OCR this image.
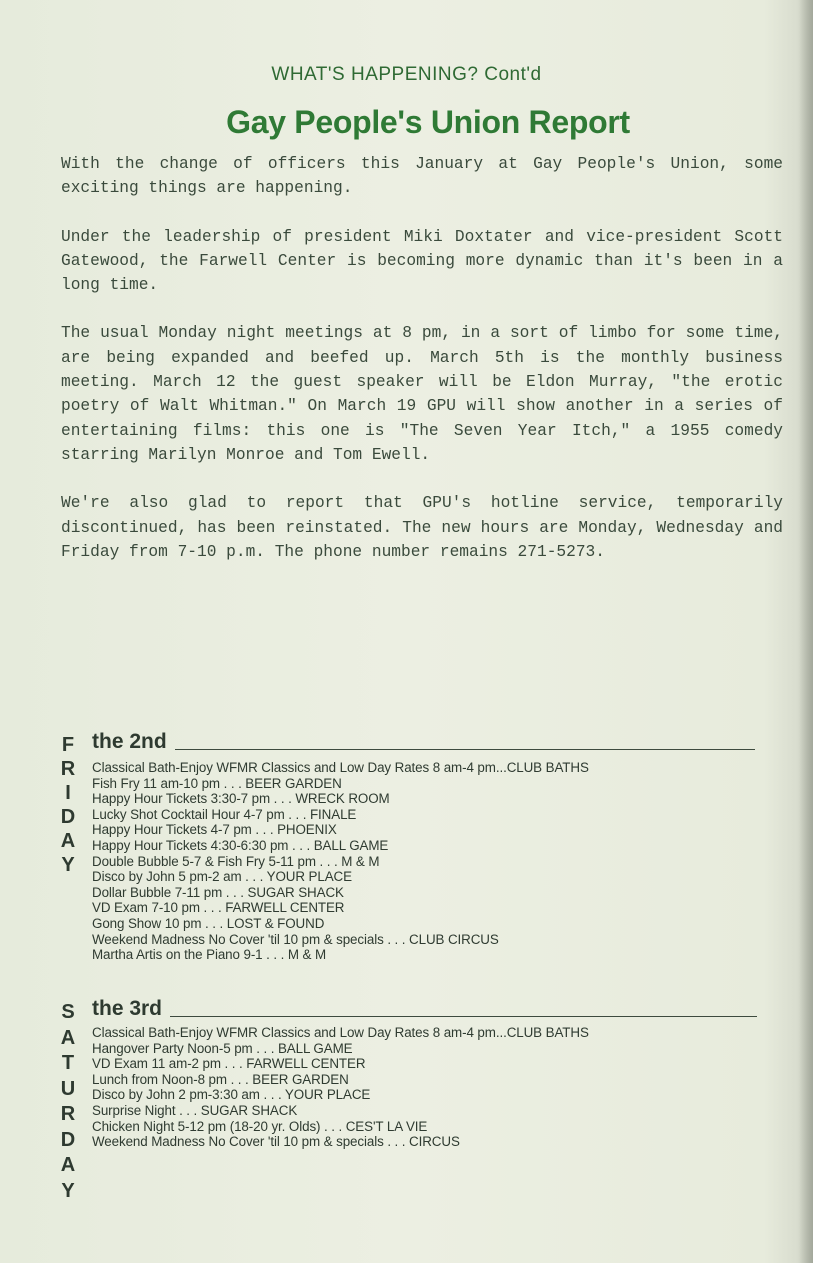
WHAT'S HAPPENING? Cont'd
Gay People's Union Report

With the change of officers this January at Gay People's Union, some exciting things are happening.

Under the leadership of president Miki Doxtater and vice-president Scott Gatewood, the Farwell Center is becoming more dynamic than it's been in a long time.

The usual Monday night meetings at 8 pm, in a sort of limbo for some time, are being expanded and beefed up. March 5th is the monthly business meeting. March 12 the guest speaker will be Eldon Murray, "the erotic poetry of Walt Whitman." On March 19 GPU will show another in a series of entertaining films: this one is "The Seven Year Itch," a 1955 comedy starring Marilyn Monroe and Tom Ewell.

We're also glad to report that GPU's hotline service, temporarily discontinued, has been reinstated. The new hours are Monday, Wednesday and Friday from 7-10 p.m. The phone number remains 271-5273.

F
R
I
D
A
Y
the 2nd
Classical Bath-Enjoy WFMR Classics and Low Day Rates 8 am-4 pm...CLUB BATHS
Fish Fry 11 am-10 pm . . . BEER GARDEN
Happy Hour Tickets 3:30-7 pm . . . WRECK ROOM
Lucky Shot Cocktail Hour 4-7 pm . . . FINALE
Happy Hour Tickets 4-7 pm . . . PHOENIX
Happy Hour Tickets 4:30-6:30 pm . . . BALL GAME
Double Bubble 5-7 & Fish Fry 5-11 pm . . . M & M
Disco by John 5 pm-2 am . . . YOUR PLACE
Dollar Bubble 7-11 pm . . . SUGAR SHACK
VD Exam 7-10 pm . . . FARWELL CENTER
Gong Show 10 pm . . . LOST & FOUND
Weekend Madness No Cover 'til 10 pm & specials . . . CLUB CIRCUS
Martha Artis on the Piano 9-1 . . . M & M
S
A
T
U
R
D
A
Y
the 3rd
Classical Bath-Enjoy WFMR Classics and Low Day Rates 8 am-4 pm...CLUB BATHS
Hangover Party Noon-5 pm . . . BALL GAME
VD Exam 11 am-2 pm . . . FARWELL CENTER
Lunch from Noon-8 pm . . . BEER GARDEN
Disco by John 2 pm-3:30 am . . . YOUR PLACE
Surprise Night . . . SUGAR SHACK
Chicken Night 5-12 pm (18-20 yr. Olds) . . . CES'T LA VIE
Weekend Madness No Cover 'til 10 pm & specials . . . CIRCUS
